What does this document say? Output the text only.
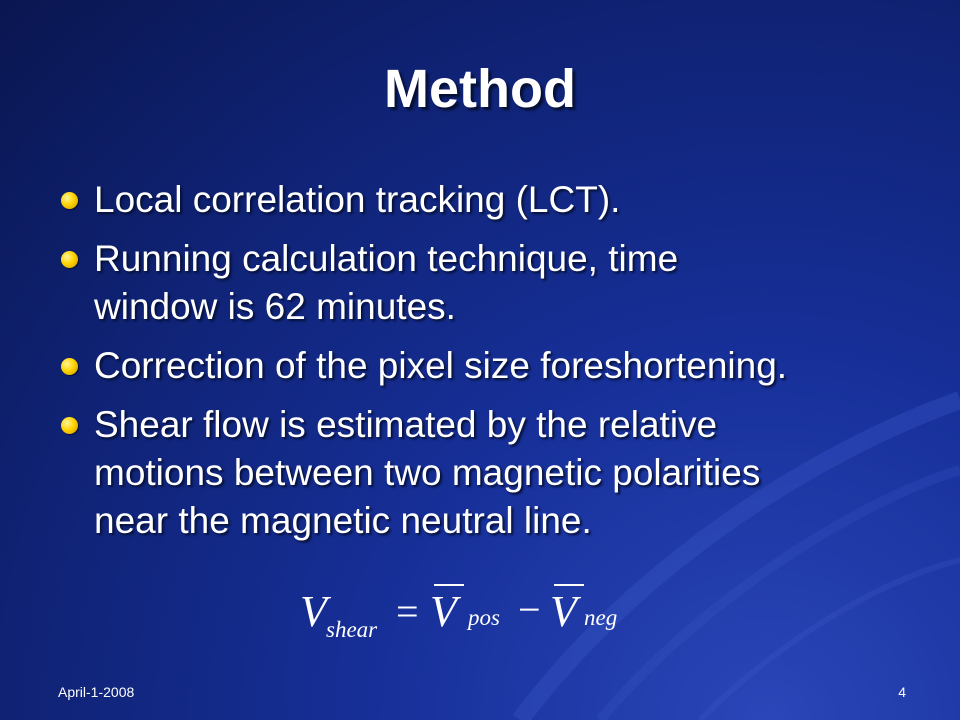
Method
Local correlation tracking (LCT).
Running calculation technique, time
window is 62 minutes.
Correction of the pixel size foreshortening.
Shear flow is estimated by the relative
motions between two magnetic polarities
near the magnetic neutral line.
V shear = V pos − V neg
April-1-2008	4
